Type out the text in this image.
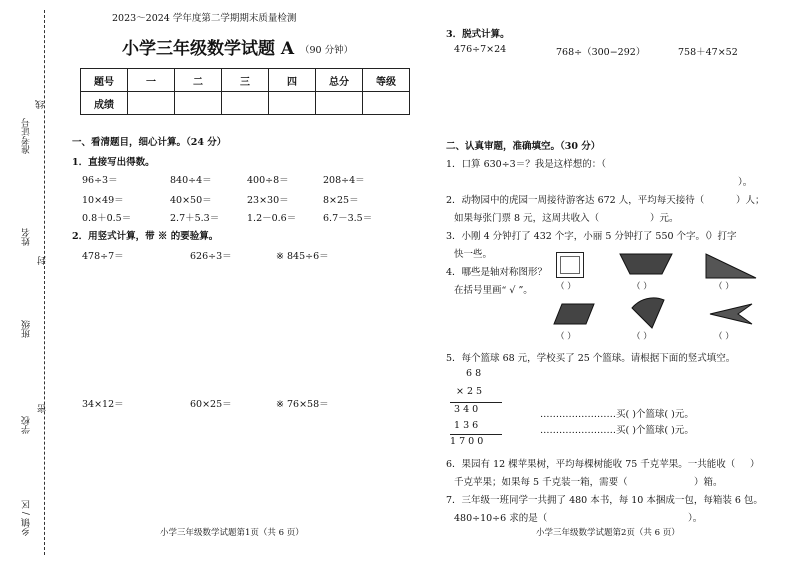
准考证号
线
姓名
封
班级
学校
密
乡镇 / 区
2023～2024 学年度第二学期期末质量检测
小学三年级数学试题 A （90 分钟）
题号	一	二	三	四	总分	等级
成绩						
一、看清题目，细心计算。（24 分）
1．直接写出得数。
96÷3＝	840÷4＝	400÷8＝	208÷4＝
10×49＝	40×50＝	23×30＝	8×25＝
0.8＋0.5＝	2.7＋5.3＝	1.2－0.6＝	6.7－3.5＝
2．用竖式计算，带 ※ 的要验算。
478÷7＝	626÷3＝	※ 845÷6＝
34×12＝	60×25＝	※ 76×58＝
小学三年级数学试题第1页（共 6 页）
3．脱式计算。
476÷7×24	768÷（300−292）	758＋47×52
二、认真审题，准确填空。（30 分）
1．口算 630÷3＝？我是这样想的：（
）。
2．动物园中的虎园一周接待游客达 672 人，平均每天接待（	）人；
如果每张门票 8 元，这周共收入（	）元。
3．小刚 4 分钟打了 432 个字，小丽 5 分钟打了 550 个字。（
）打字
快一些。
4．哪些是轴对称图形？
在括号里画“ √ ”。	（ ）	（ ）	（ ）
（ ）	（ ）	（ ）
5．每个篮球 68 元，学校买了 25 个篮球。请根据下面的竖式填空。
6 8
× 2 5
3 4 0
1 3 6
1 7 0 0
……………………买( )个篮球( )元。
……………………买( )个篮球( )元。
6．果园有 12 棵苹果树，平均每棵树能收 75 千克苹果。一共能收（ ）
千克苹果；如果每 5 千克装一箱，需要（	）箱。
7．三年级一班同学一共拥了 480 本书，每 10 本捆成一包，每箱装 6 包。
480÷10÷6 求的是（	）。
小学三年级数学试题第2页（共 6 页）
